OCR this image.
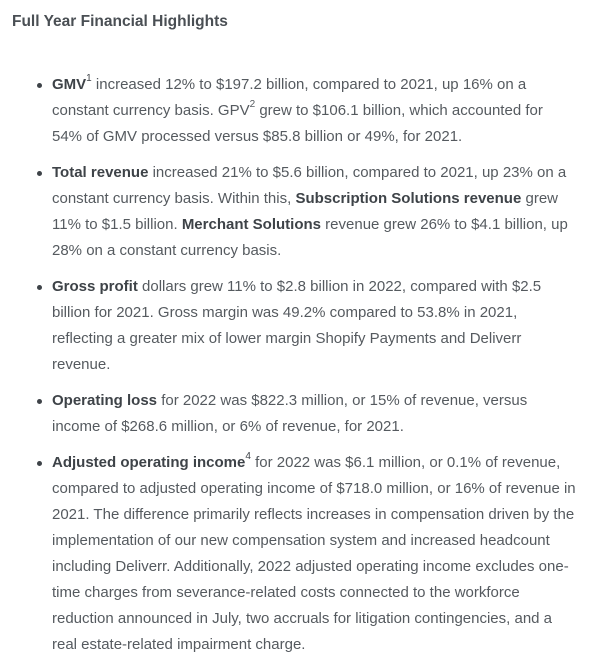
Full Year Financial Highlights
GMV$^1$ increased 12% to $197.2 billion, compared to 2021, up 16% on a constant currency basis. GPV$^2$ grew to $106.1 billion, which accounted for 54% of GMV processed versus $85.8 billion or 49%, for 2021.
Total revenue increased 21% to $5.6 billion, compared to 2021, up 23% on a constant currency basis. Within this, Subscription Solutions revenue grew 11% to $1.5 billion. Merchant Solutions revenue grew 26% to $4.1 billion, up 28% on a constant currency basis.
Gross profit dollars grew 11% to $2.8 billion in 2022, compared with $2.5 billion for 2021. Gross margin was 49.2% compared to 53.8% in 2021, reflecting a greater mix of lower margin Shopify Payments and Deliverr revenue.
Operating loss for 2022 was $822.3 million, or 15% of revenue, versus income of $268.6 million, or 6% of revenue, for 2021.
Adjusted operating income$^4$ for 2022 was $6.1 million, or 0.1% of revenue, compared to adjusted operating income of $718.0 million, or 16% of revenue in 2021. The difference primarily reflects increases in compensation driven by the implementation of our new compensation system and increased headcount including Deliverr. Additionally, 2022 adjusted operating income excludes one-time charges from severance-related costs connected to the workforce reduction announced in July, two accruals for litigation contingencies, and a real estate-related impairment charge.
